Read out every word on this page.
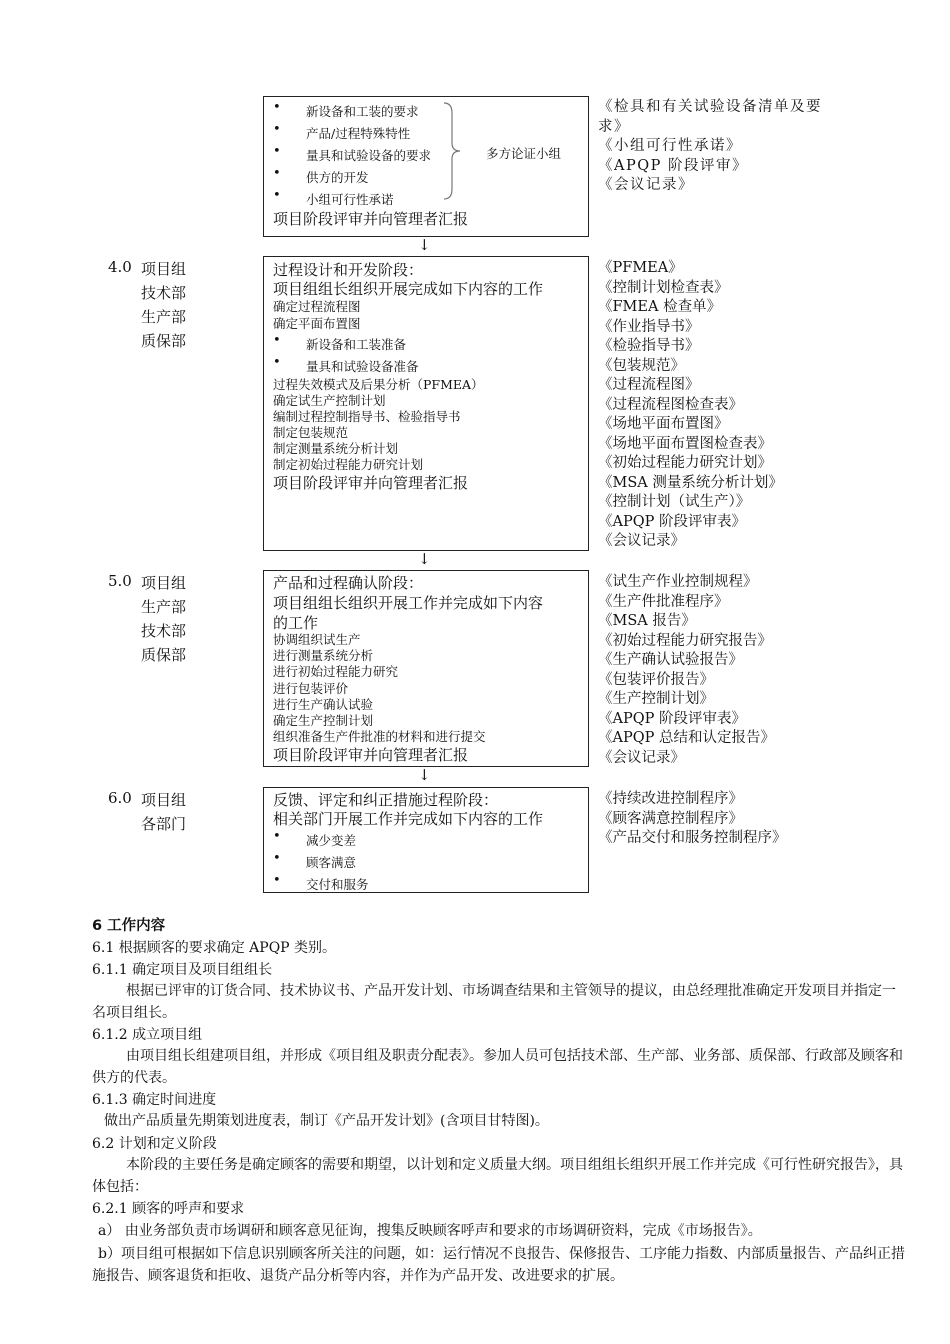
• 新设备和工装的要求
• 产品/过程特殊特性
• 量具和试验设备的要求
• 供方的开发
• 小组可行性承诺
多方论证小组
项目阶段评审并向管理者汇报
《检具和有关试验设备清单及要
求》
《小组可行性承诺》
《APQP 阶段评审》
《会议记录》
↓
4.0 项目组
技术部
生产部
质保部
过程设计和开发阶段：
项目组组长组织开展完成如下内容的工作
确定过程流程图
确定平面布置图
• 新设备和工装准备
• 量具和试验设备准备
过程失效模式及后果分析（PFMEA）
确定试生产控制计划
编制过程控制指导书、检验指导书
制定包装规范
制定测量系统分析计划
制定初始过程能力研究计划
项目阶段评审并向管理者汇报
《PFMEA》
《控制计划检查表》
《FMEA 检查单》
《作业指导书》
《检验指导书》
《包装规范》
《过程流程图》
《过程流程图检查表》
《场地平面布置图》
《场地平面布置图检查表》
《初始过程能力研究计划》
《MSA 测量系统分析计划》
《控制计划（试生产）》
《APQP 阶段评审表》
《会议记录》
↓
5.0 项目组
生产部
技术部
质保部
产品和过程确认阶段：
项目组组长组织开展工作并完成如下内容
的工作
协调组织试生产
进行测量系统分析
进行初始过程能力研究
进行包装评价
进行生产确认试验
确定生产控制计划
组织准备生产件批准的材料和进行提交
项目阶段评审并向管理者汇报
《试生产作业控制规程》
《生产件批准程序》
《MSA 报告》
《初始过程能力研究报告》
《生产确认试验报告》
《包装评价报告》
《生产控制计划》
《APQP 阶段评审表》
《APQP 总结和认定报告》
《会议记录》
↓
6.0 项目组
各部门
反馈、评定和纠正措施过程阶段：
相关部门开展工作并完成如下内容的工作
• 减少变差
• 顾客满意
• 交付和服务
《持续改进控制程序》
《顾客满意控制程序》
《产品交付和服务控制程序》
6 工作内容
6.1 根据顾客的要求确定 APQP 类别。
6.1.1 确定项目及项目组组长
根据已评审的订货合同、技术协议书、产品开发计划、市场调查结果和主管领导的提议，由总经理批准确定开发项目并指定一名项目组长。
6.1.2 成立项目组
由项目组长组建项目组，并形成《项目组及职责分配表》。参加人员可包括技术部、生产部、业务部、质保部、行政部及顾客和供方的代表。
6.1.3 确定时间进度
做出产品质量先期策划进度表，制订《产品开发计划》(含项目甘特图)。
6.2 计划和定义阶段
本阶段的主要任务是确定顾客的需要和期望，以计划和定义质量大纲。项目组组长组织开展工作并完成《可行性研究报告》，具体包括：
6.2.1 顾客的呼声和要求
a） 由业务部负责市场调研和顾客意见征询，搜集反映顾客呼声和要求的市场调研资料，完成《市场报告》。
b）项目组可根据如下信息识别顾客所关注的问题，如：运行情况不良报告、保修报告、工序能力指数、内部质量报告、产品纠正措施报告、顾客退货和拒收、退货产品分析等内容，并作为产品开发、改进要求的扩展。
